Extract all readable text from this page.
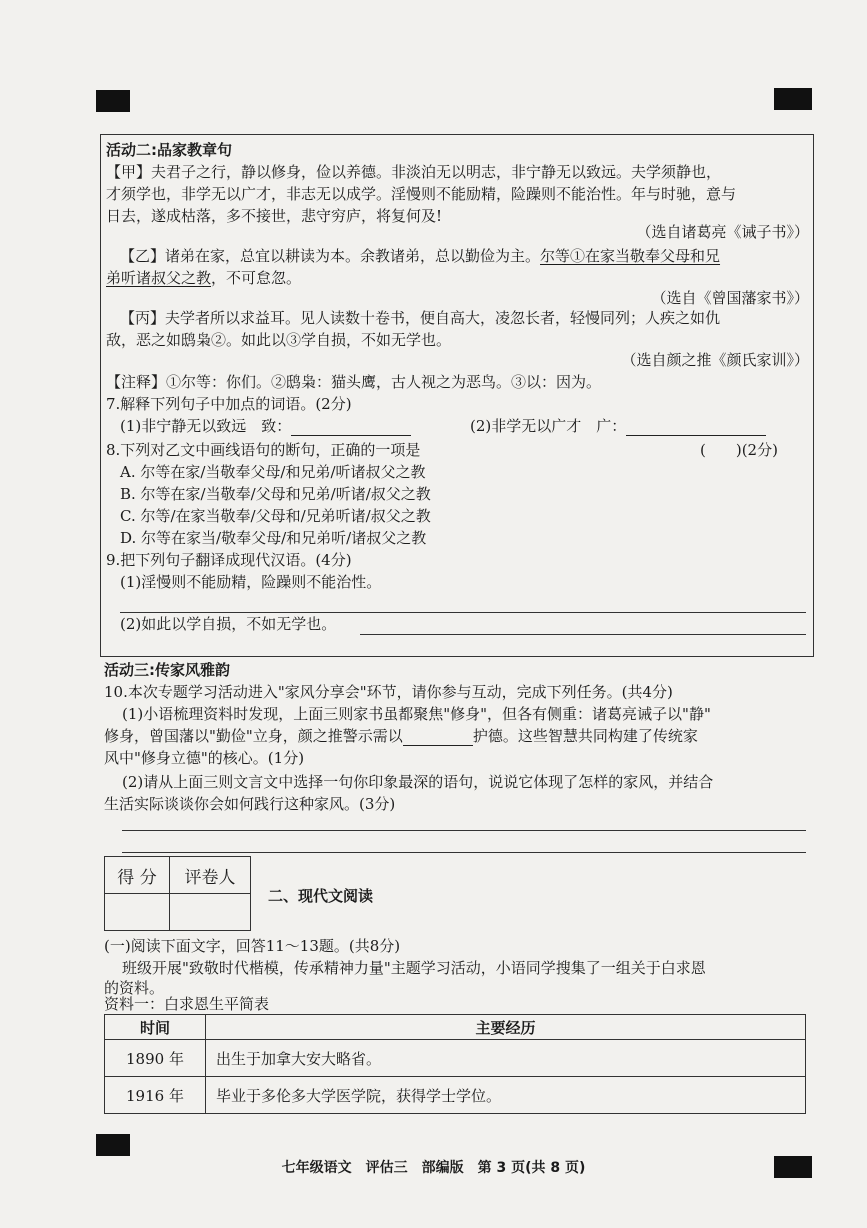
活动二:品家教章句
【甲】夫君子之行，静以修身，俭以养德。非淡泊无以明志，非宁静无以致远。夫学须静也，
才须学也，非学无以广才，非志无以成学。淫慢则不能励精，险躁则不能治性。年与时驰，意与
日去，遂成枯落，多不接世，悲守穷庐，将复何及!
（选自诸葛亮《诫子书》）
【乙】诸弟在家，总宜以耕读为本。余教诸弟，总以勤俭为主。尔等①在家当敬奉父母和兄
弟听诸叔父之教，不可怠忽。
（选自《曾国藩家书》）
【丙】夫学者所以求益耳。见人读数十卷书，便自高大，凌忽长者，轻慢同列；人疾之如仇
敌，恶之如鸱枭②。如此以③学自损，不如无学也。
（选自颜之推《颜氏家训》）
【注释】①尔等：你们。②鸱枭：猫头鹰，古人视之为恶鸟。③以：因为。
7.解释下列句子中加点的词语。(2分)
(1)非宁静无以致远　致：	(2)非学无以广才　广：
8.下列对乙文中画线语句的断句，正确的一项是	(　　)(2分)
A. 尔等在家/当敬奉父母/和兄弟/听诸叔父之教
B. 尔等在家/当敬奉/父母和兄弟/听诸/叔父之教
C. 尔等/在家当敬奉/父母和/兄弟听诸/叔父之教
D. 尔等在家当/敬奉父母/和兄弟听/诸叔父之教
9.把下列句子翻译成现代汉语。(4分)
(1)淫慢则不能励精，险躁则不能治性。
(2)如此以学自损，不如无学也。
活动三:传家风雅韵
10.本次专题学习活动进入"家风分享会"环节，请你参与互动，完成下列任务。(共4分)
(1)小语梳理资料时发现，上面三则家书虽都聚焦"修身"，但各有侧重：诸葛亮诫子以"静"
修身，曾国藩以"勤俭"立身，颜之推警示需以	护德。这些智慧共同构建了传统家
风中"修身立德"的核心。(1分)
(2)请从上面三则文言文中选择一句你印象最深的语句，说说它体现了怎样的家风，并结合
生活实际谈谈你会如何践行这种家风。(3分)
得 分	评卷人

二、现代文阅读
(一)阅读下面文字，回答11～13题。(共8分)
班级开展"致敬时代楷模，传承精神力量"主题学习活动，小语同学搜集了一组关于白求恩
的资料。
资料一：白求恩生平简表
时间	主要经历
1890 年	出生于加拿大安大略省。
1916 年	毕业于多伦多大学医学院，获得学士学位。
七年级语文　评估三　部编版　第 3 页(共 8 页)
